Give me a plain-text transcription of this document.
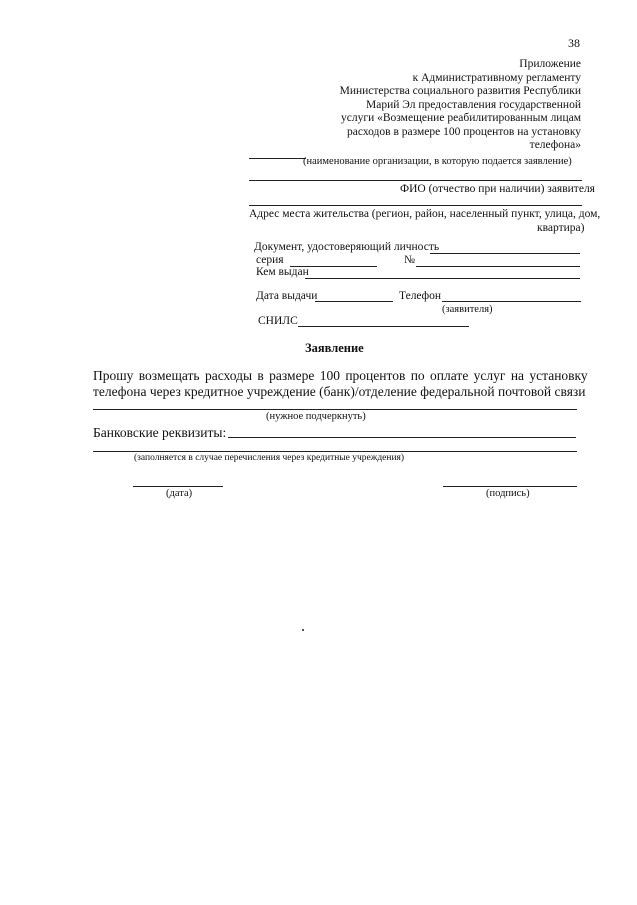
38
Приложение
к Административному регламенту
Министерства социального развития Республики
Марий Эл предоставления государственной
услуги «Возмещение реабилитированным лицам
расходов в размере 100 процентов на установку
телефона»
(наименование организации, в которую подается заявление)
ФИО (отчество при наличии) заявителя
Адрес места жительства (регион, район, населенный пункт, улица, дом,
квартира)
Документ, удостоверяющий личность
серия	№
Кем выдан
Дата выдачи	Телефон
(заявителя)
СНИЛС
Заявление
Прошу возмещать расходы в размере 100 процентов по оплате услуг на установку
телефона через кредитное учреждение (банк)/отделение федеральной почтовой связи
(нужное подчеркнуть)
Банковские реквизиты:
(заполняется в случае перечисления через кредитные учреждения)
(дата)	(подпись)
